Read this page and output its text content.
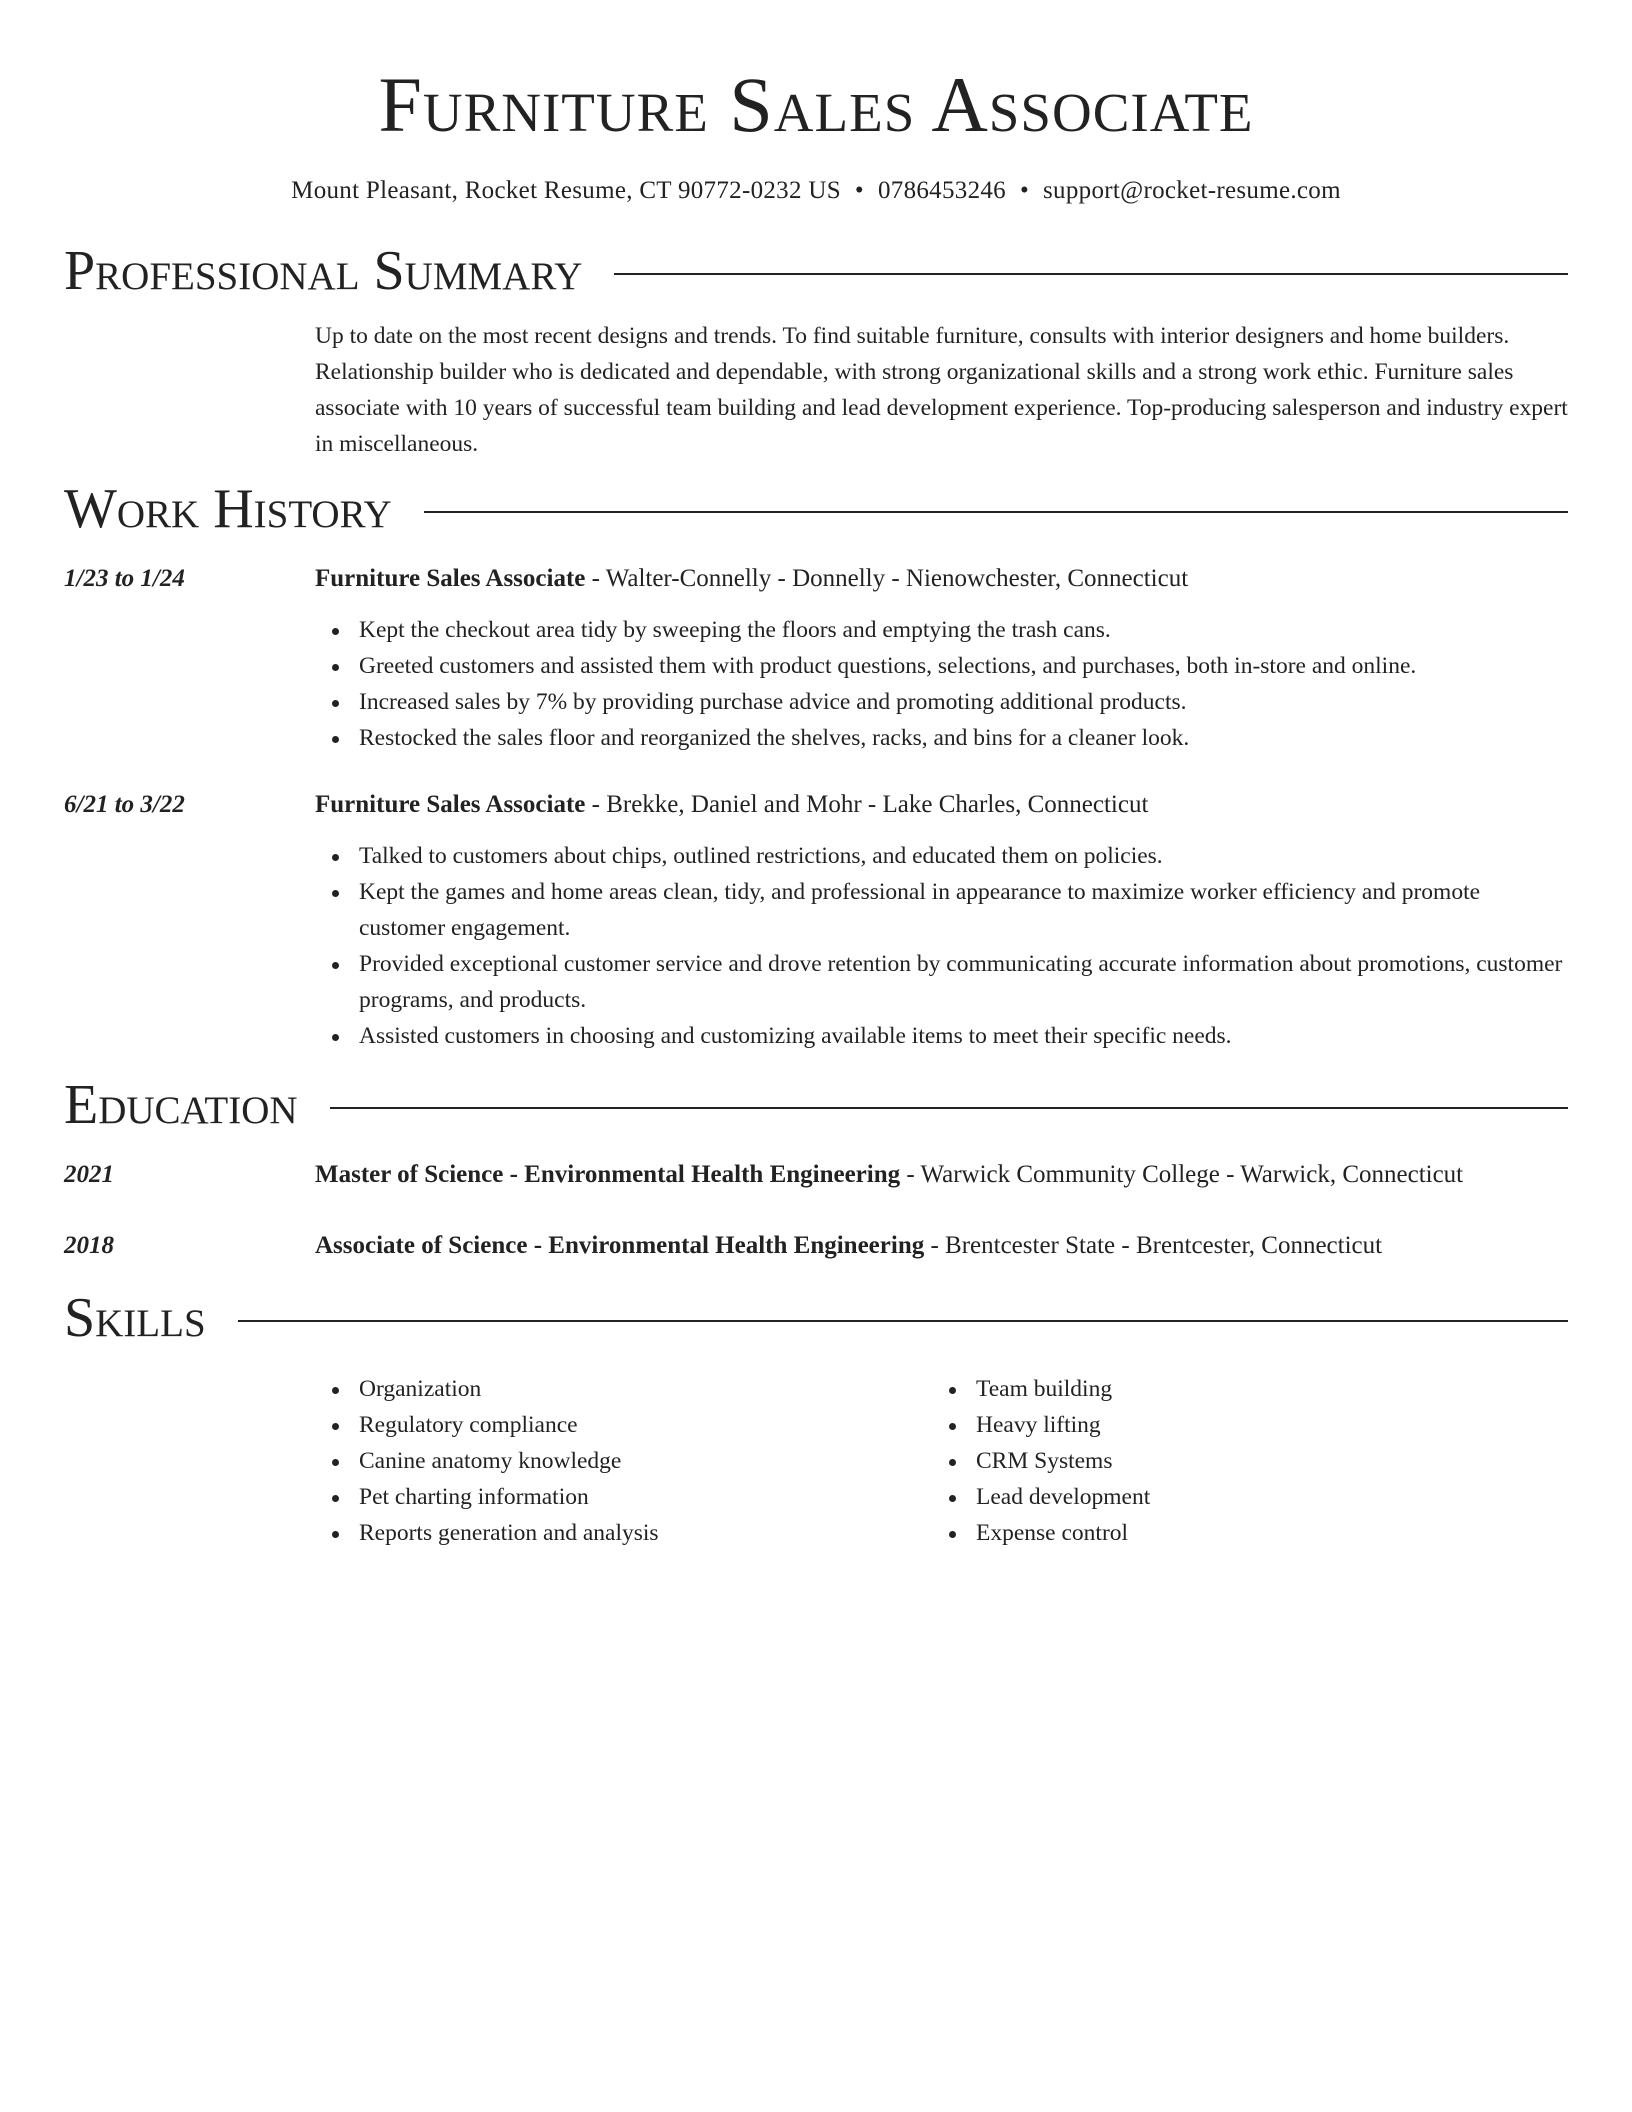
Furniture Sales Associate
Mount Pleasant, Rocket Resume, CT 90772-0232 US • 0786453246 • support@rocket-resume.com
Professional Summary

Up to date on the most recent designs and trends. To find suitable furniture, consults with interior designers and home builders. Relationship builder who is dedicated and dependable, with strong organizational skills and a strong work ethic. Furniture sales associate with 10 years of successful team building and lead development experience. Top-producing salesperson and industry expert in miscellaneous.

Work History
1/23 to 1/24	Furniture Sales Associate - Walter-Connelly - Donnelly - Nienowchester, Connecticut
Kept the checkout area tidy by sweeping the floors and emptying the trash cans.
Greeted customers and assisted them with product questions, selections, and purchases, both in-store and online.
Increased sales by 7% by providing purchase advice and promoting additional products.
Restocked the sales floor and reorganized the shelves, racks, and bins for a cleaner look.
6/21 to 3/22	Furniture Sales Associate - Brekke, Daniel and Mohr - Lake Charles, Connecticut
Talked to customers about chips, outlined restrictions, and educated them on policies.
Kept the games and home areas clean, tidy, and professional in appearance to maximize worker efficiency and promote customer engagement.
Provided exceptional customer service and drove retention by communicating accurate information about promotions, customer programs, and products.
Assisted customers in choosing and customizing available items to meet their specific needs.
Education
2021	Master of Science - Environmental Health Engineering - Warwick Community College - Warwick, Connecticut
2018	Associate of Science - Environmental Health Engineering - Brentcester State - Brentcester, Connecticut
Skills
Organization
Regulatory compliance
Canine anatomy knowledge
Pet charting information
Reports generation and analysis
Team building
Heavy lifting
CRM Systems
Lead development
Expense control
